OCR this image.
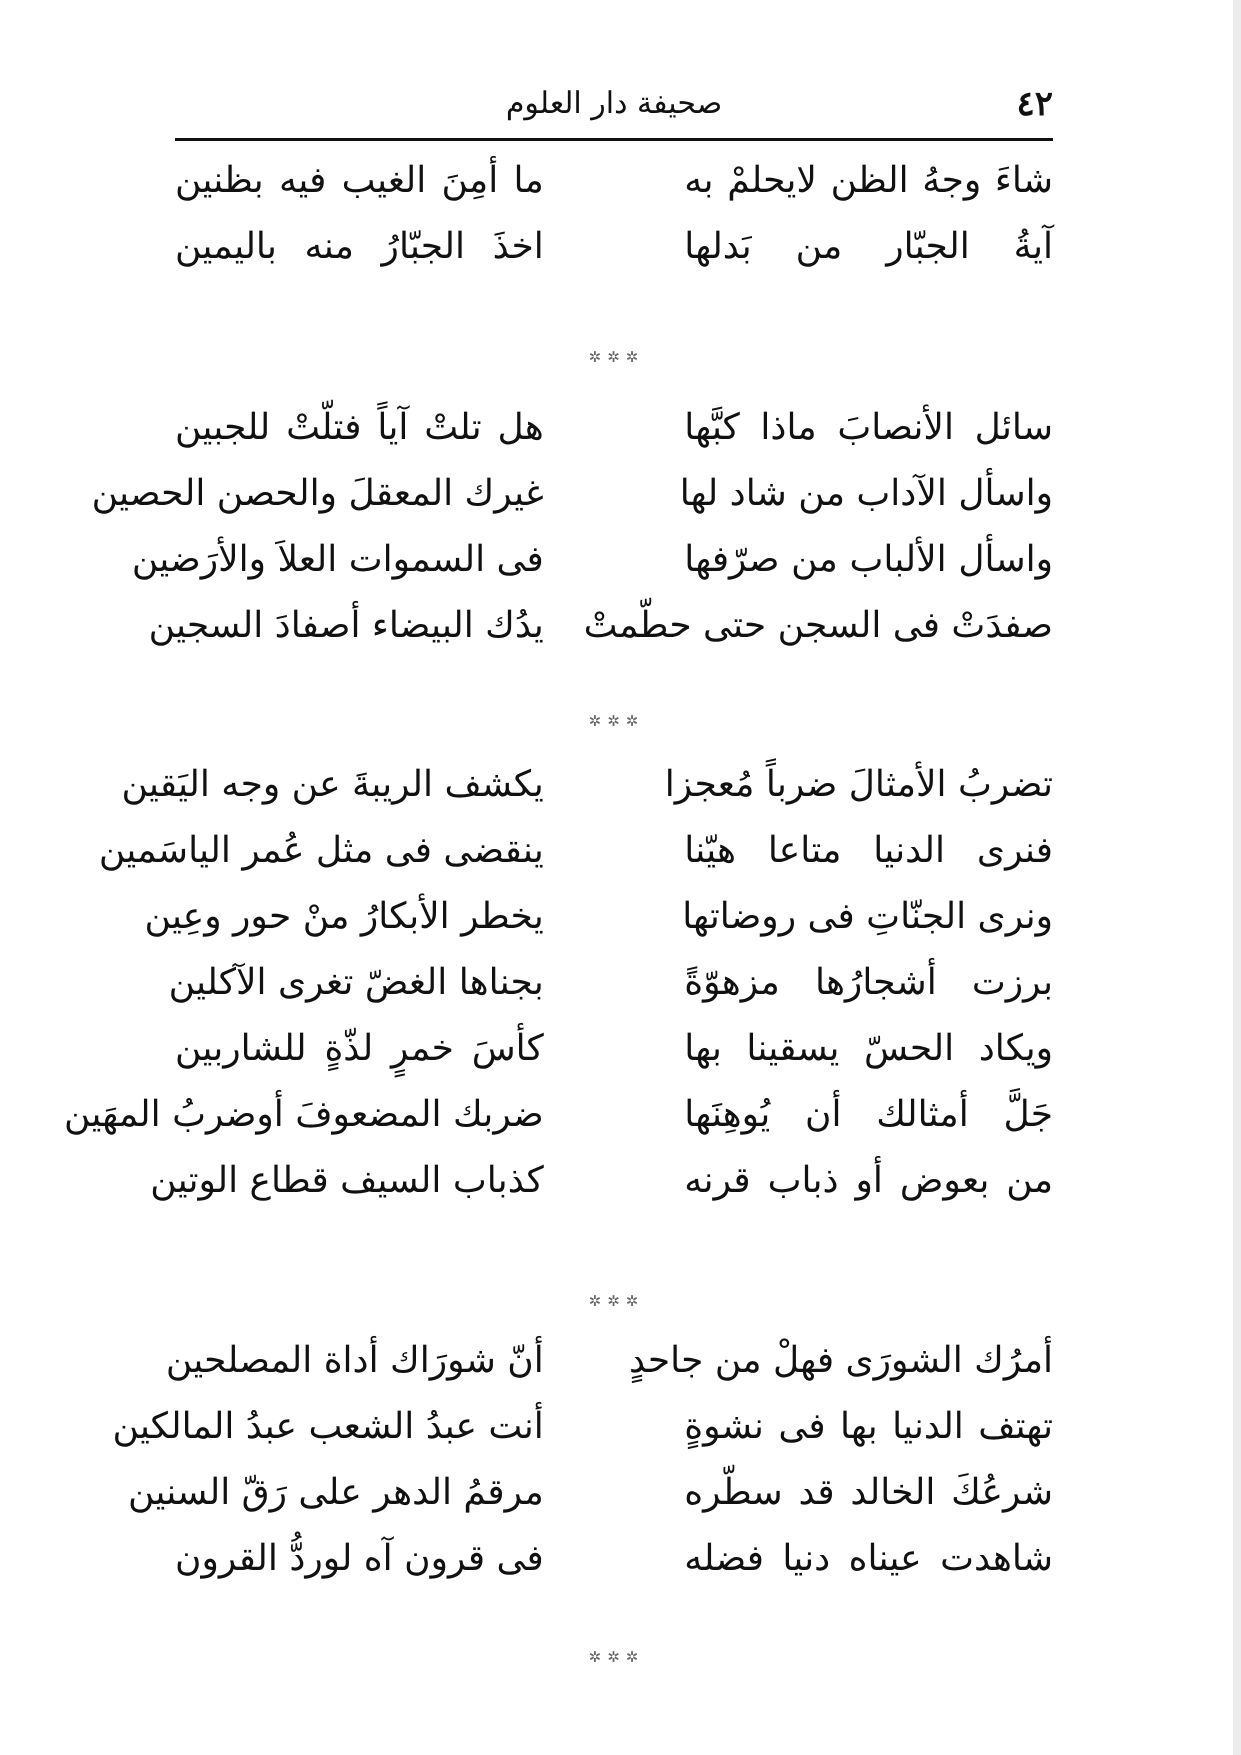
٤٢
صحيفة دار العلوم
شاءَ وجهُ الظن لايحلمْ به
ما أمِنَ الغيب فيه بظنين
آيةُ الجبّار من بَدلها
اخذَ الجبّارُ منه باليمين
✲✲✲
سائل الأنصابَ ماذا كبَّها
هل تلتْ آياً فتلّتْ للجبين
واسأل الآداب من شاد لها
غيرك المعقلَ والحصن الحصين
واسأل الألباب من صرّفها
فى السموات العلاَ والأرَضين
صفدَتْ فى السجن حتى حطّمتْ
يدُك البيضاء أصفادَ السجين
✲✲✲
تضربُ الأمثالَ ضرباً مُعجزا
يكشف الريبةَ عن وجه اليَقين
فنرى الدنيا متاعا هيّنا
ينقضى فى مثل عُمر الياسَمين
ونرى الجنّاتِ فى روضاتها
يخطر الأبكارُ منْ حور وعِين
برزت أشجارُها مزهوّةً
بجناها الغضّ تغرى الآكلين
ويكاد الحسّ يسقينا بها
كأسَ خمرٍ لذّةٍ للشاربين
جَلَّ أمثالك أن يُوهِنَها
ضربك المضعوفَ أوضربُ المهَين
من بعوض أو ذباب قرنه
كذباب السيف قطاع الوتين
✲✲✲
أمرُك الشورَى فهلْ من جاحدٍ
أنّ شورَاك أداة المصلحين
تهتف الدنيا بها فى نشوةٍ
أنت عبدُ الشعب عبدُ المالكين
شرعُكَ الخالد قد سطّره
مرقمُ الدهر على رَقّ السنين
شاهدت عيناه دنيا فضله
فى قرون آه لوردُّ القرون
✲✲✲
